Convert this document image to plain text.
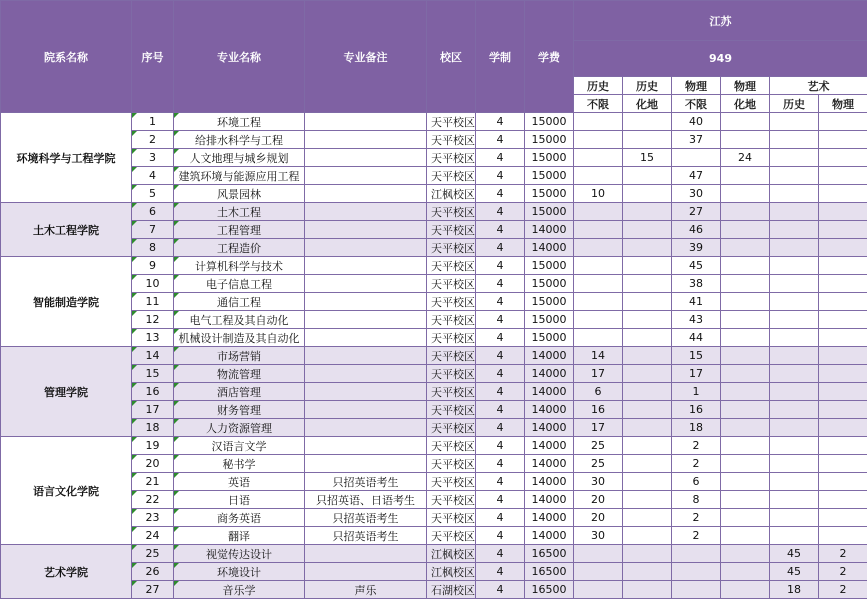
院系名称	序号	专业名称	专业备注	校区	学制	学费	江苏					
							949					
							历史	历史	物理	物理	艺术	
							不限	化地	不限	化地	历史	物理
环境科学与工程学院	1	环境工程		天平校区	4	15000			40			
	2	给排水科学与工程		天平校区	4	15000			37			
	3	人文地理与城乡规划		天平校区	4	15000		15		24		
	4	建筑环境与能源应用工程		天平校区	4	15000			47			
	5	风景园林		江枫校区	4	15000	10		30			
土木工程学院	6	土木工程		天平校区	4	15000			27			
	7	工程管理		天平校区	4	14000			46			
	8	工程造价		天平校区	4	14000			39			
智能制造学院	9	计算机科学与技术		天平校区	4	15000			45			
	10	电子信息工程		天平校区	4	15000			38			
	11	通信工程		天平校区	4	15000			41			
	12	电气工程及其自动化		天平校区	4	15000			43			
	13	机械设计制造及其自动化		天平校区	4	15000			44			
管理学院	14	市场营销		天平校区	4	14000	14		15			
	15	物流管理		天平校区	4	14000	17		17			
	16	酒店管理		天平校区	4	14000	6		1			
	17	财务管理		天平校区	4	14000	16		16			
	18	人力资源管理		天平校区	4	14000	17		18			
语言文化学院	19	汉语言文学		天平校区	4	14000	25		2			
	20	秘书学		天平校区	4	14000	25		2			
	21	英语	只招英语考生	天平校区	4	14000	30		6			
	22	日语	只招英语、日语考生	天平校区	4	14000	20		8			
	23	商务英语	只招英语考生	天平校区	4	14000	20		2			
	24	翻译	只招英语考生	天平校区	4	14000	30		2			
艺术学院	25	视觉传达设计		江枫校区	4	16500					45	2
	26	环境设计		江枫校区	4	16500					45	2
	27	音乐学	声乐	石湖校区	4	16500					18	2
